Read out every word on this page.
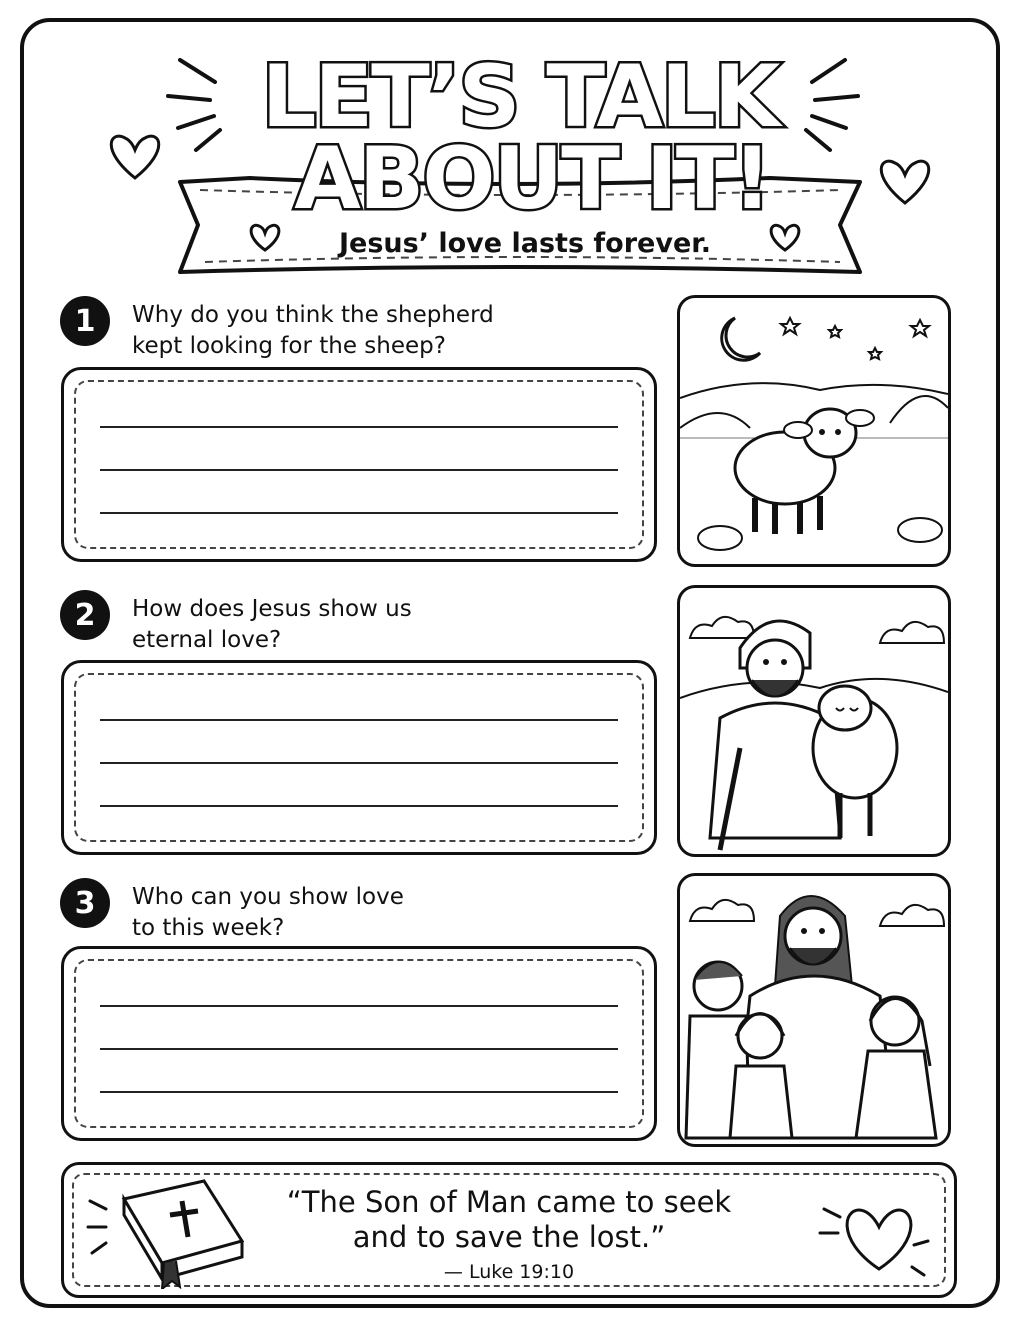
LET’S TALK
ABOUT IT!
Jesus’ love lasts forever.
1	Why do you think the shepherd
kept looking for the sheep?
2	How does Jesus show us
eternal love?
3	Who can you show love
to this week?
“The Son of Man came to seek
and to save the lost.”
— Luke 19:10
